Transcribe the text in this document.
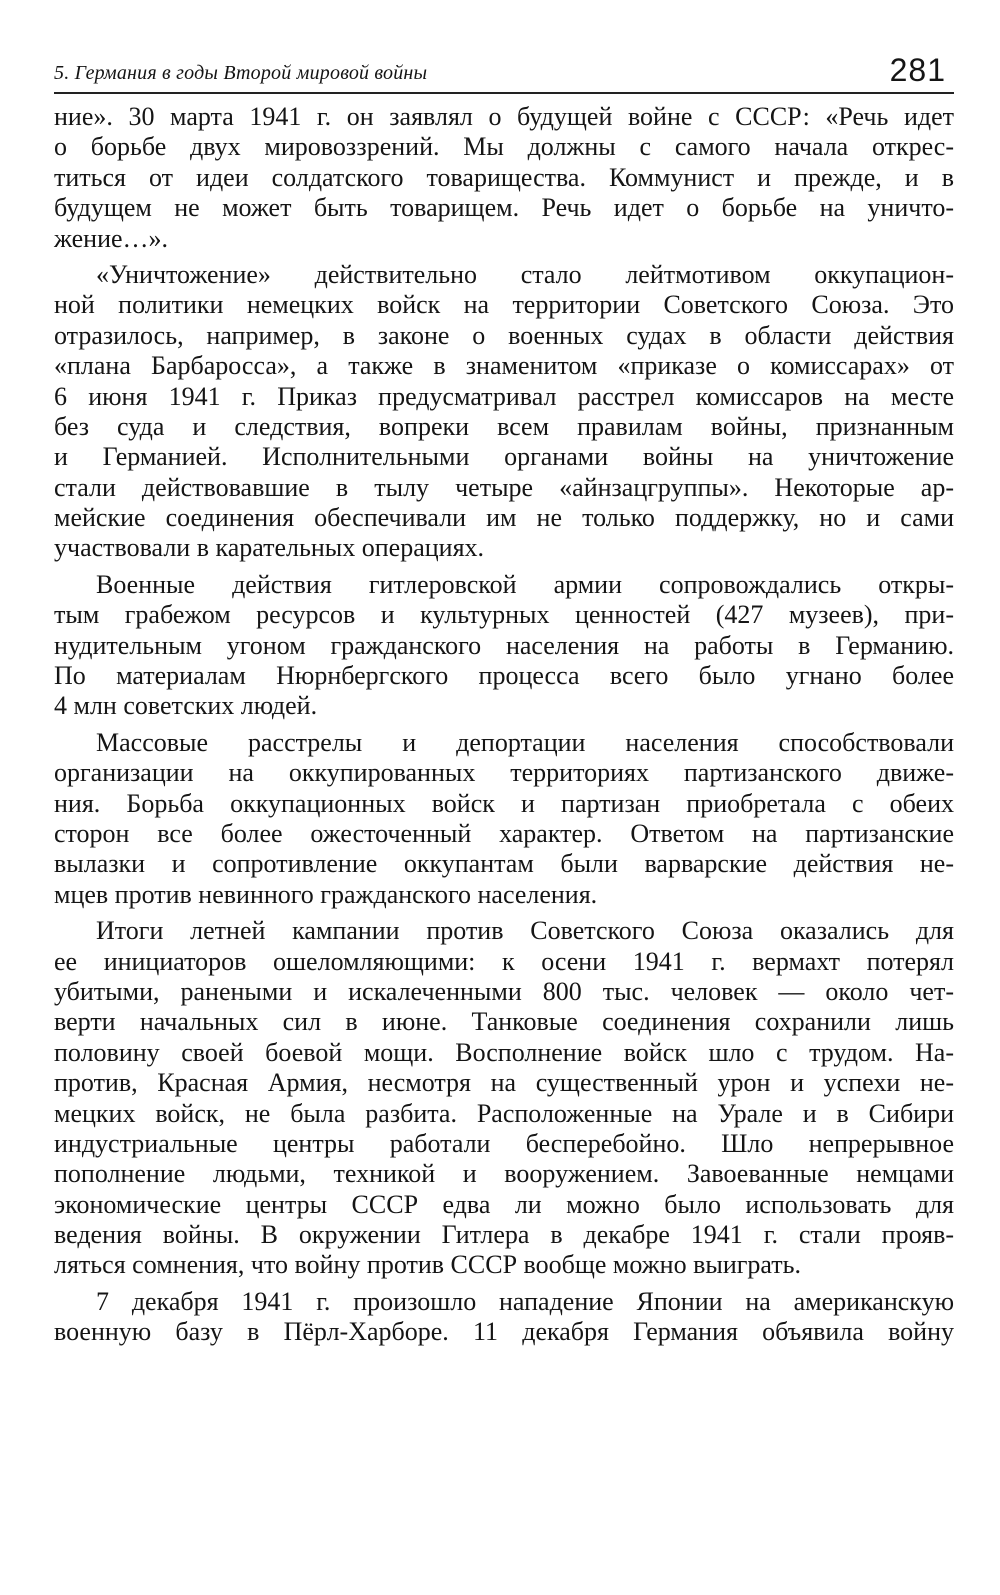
5. Германия в годы Второй мировой войны	281
ние». 30 марта 1941 г. он заявлял о будущей войне с СССР: «Речь идет
о борьбе двух мировоззрений. Мы должны с самого начала открес-
титься от идеи солдатского товарищества. Коммунист и прежде, и в
будущем не может быть товарищем. Речь идет о борьбе на уничто-
жение…».
«Уничтожение» действительно стало лейтмотивом оккупацион-
ной политики немецких войск на территории Советского Союза. Это
отразилось, например, в законе о военных судах в области действия
«плана Барбаросса», а также в знаменитом «приказе о комиссарах» от
6 июня 1941 г. Приказ предусматривал расстрел комиссаров на месте
без суда и следствия, вопреки всем правилам войны, признанным
и Германией. Исполнительными органами войны на уничтожение
стали действовавшие в тылу четыре «айнзацгруппы». Некоторые ар-
мейские соединения обеспечивали им не только поддержку, но и сами
участвовали в карательных операциях.
Военные действия гитлеровской армии сопровождались откры-
тым грабежом ресурсов и культурных ценностей (427 музеев), при-
нудительным угоном гражданского населения на работы в Германию.
По материалам Нюрнбергского процесса всего было угнано более
4 млн советских людей.
Массовые расстрелы и депортации населения способствовали
организации на оккупированных территориях партизанского движе-
ния. Борьба оккупационных войск и партизан приобретала с обеих
сторон все более ожесточенный характер. Ответом на партизанские
вылазки и сопротивление оккупантам были варварские действия не-
мцев против невинного гражданского населения.
Итоги летней кампании против Советского Союза оказались для
ее инициаторов ошеломляющими: к осени 1941 г. вермахт потерял
убитыми, ранеными и искалеченными 800 тыс. человек — около чет-
верти начальных сил в июне. Танковые соединения сохранили лишь
половину своей боевой мощи. Восполнение войск шло с трудом. На-
против, Красная Армия, несмотря на существенный урон и успехи не-
мецких войск, не была разбита. Расположенные на Урале и в Сибири
индустриальные центры работали бесперебойно. Шло непрерывное
пополнение людьми, техникой и вооружением. Завоеванные немцами
экономические центры СССР едва ли можно было использовать для
ведения войны. В окружении Гитлера в декабре 1941 г. стали прояв-
ляться сомнения, что войну против СССР вообще можно выиграть.
7 декабря 1941 г. произошло нападение Японии на американскую
военную базу в Пёрл-Харборе. 11 декабря Германия объявила войну
